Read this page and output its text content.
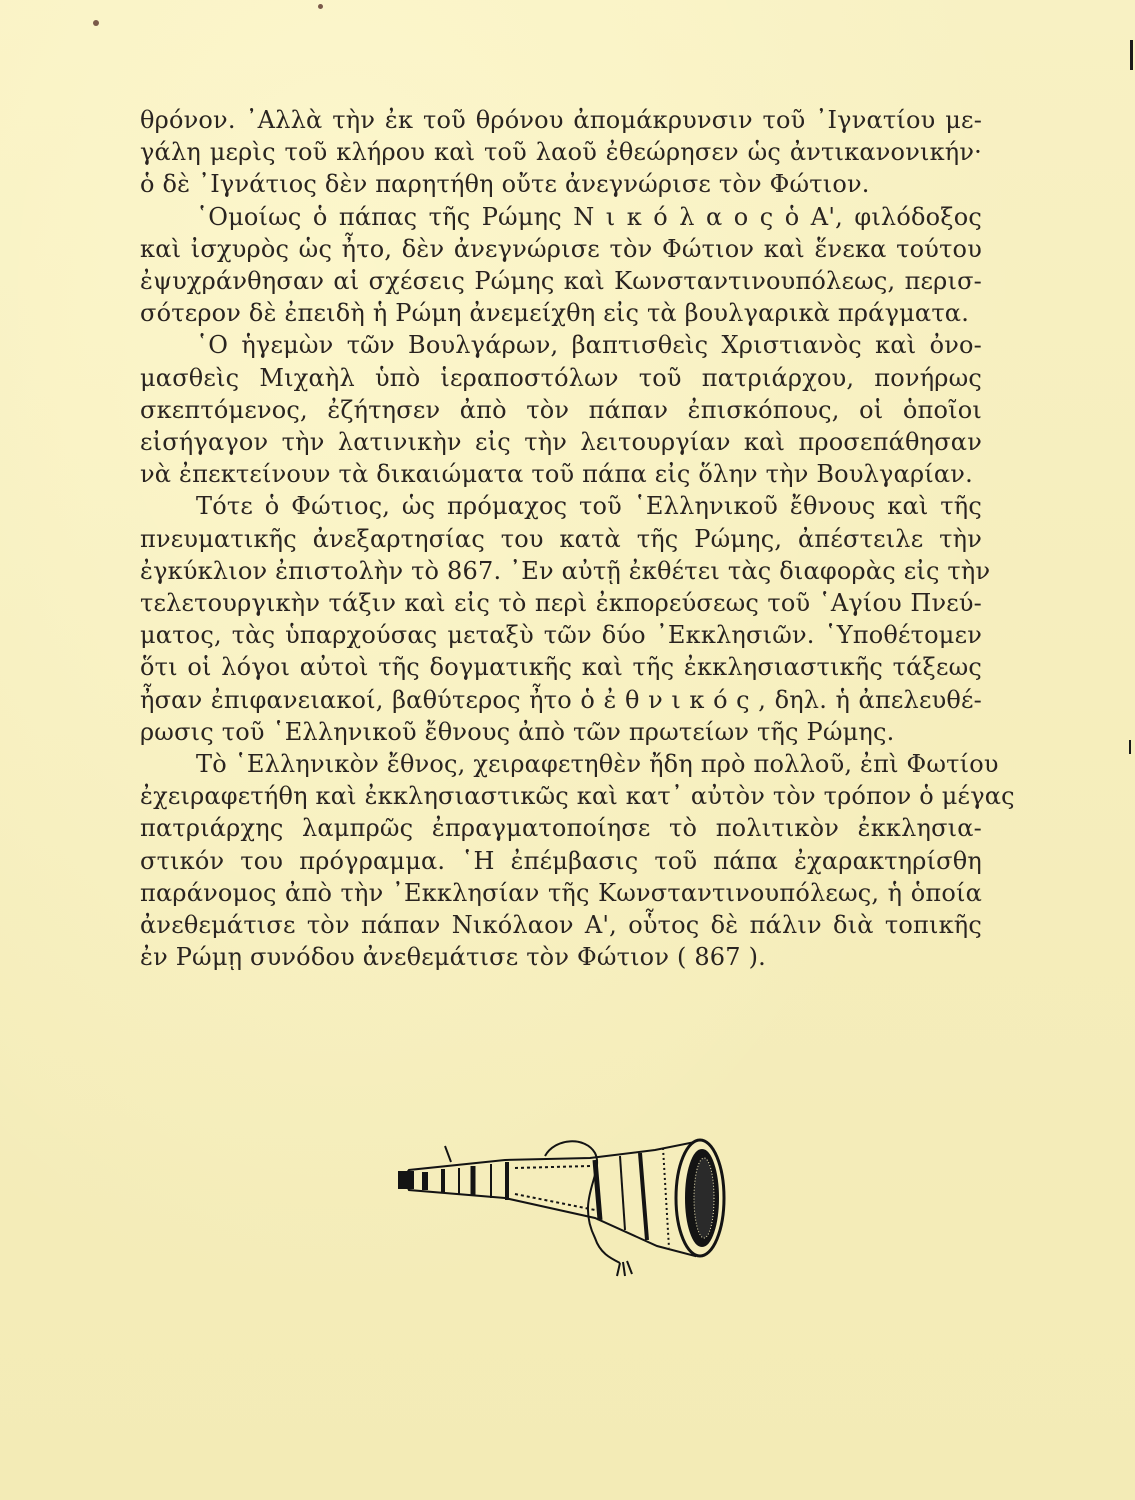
θρόνον. ᾿Αλλὰ τὴν ἐκ τοῦ θρόνου ἀπομάκρυνσιν τοῦ ᾿Ιγνατίου με-
γάλη μερὶς τοῦ κλήρου καὶ τοῦ λαοῦ ἐθεώρησεν ὡς ἀντικανονικήν·
ὁ δὲ ᾿Ιγνάτιος δὲν παρητήθη οὔτε ἀνεγνώρισε τὸν Φώτιον.

῾Ομοίως ὁ πάπας τῆς Ρώμης Ν ι κ ό λ α ο ς ὁ Α', φιλόδοξος
καὶ ἰσχυρὸς ὡς ἦτο, δὲν ἀνεγνώρισε τὸν Φώτιον καὶ ἕνεκα τούτου
ἐψυχράνθησαν αἱ σχέσεις Ρώμης καὶ Κωνσταντινουπόλεως, περισ-
σότερον δὲ ἐπειδὴ ἡ Ρώμη ἀνεμείχθη εἰς τὰ βουλγαρικὰ πράγματα.

῾Ο ἡγεμὼν τῶν Βουλγάρων, βαπτισθεὶς Χριστιανὸς καὶ ὀνο-
μασθεὶς Μιχαὴλ ὑπὸ ἱεραποστόλων τοῦ πατριάρχου, πονήρως
σκεπτόμενος, ἐζήτησεν ἀπὸ τὸν πάπαν ἐπισκόπους, οἱ ὁποῖοι
εἰσήγαγον τὴν λατινικὴν εἰς τὴν λειτουργίαν καὶ προσεπάθησαν
νὰ ἐπεκτείνουν τὰ δικαιώματα τοῦ πάπα εἰς ὅλην τὴν Βουλγαρίαν.

Τότε ὁ Φώτιος, ὡς πρόμαχος τοῦ ῾Ελληνικοῦ ἔθνους καὶ τῆς
πνευματικῆς ἀνεξαρτησίας του κατὰ τῆς Ρώμης, ἀπέστειλε τὴν
ἐγκύκλιον ἐπιστολὴν τὸ 867. ᾿Εν αὐτῇ ἐκθέτει τὰς διαφορὰς εἰς τὴν
τελετουργικὴν τάξιν καὶ εἰς τὸ περὶ ἐκπορεύσεως τοῦ ῾Αγίου Πνεύ-
ματος, τὰς ὑπαρχούσας μεταξὺ τῶν δύο ᾿Εκκλησιῶν. ῾Υποθέτομεν
ὅτι οἱ λόγοι αὐτοὶ τῆς δογματικῆς καὶ τῆς ἐκκλησιαστικῆς τάξεως
ἦσαν ἐπιφανειακοί, βαθύτερος ἦτο ὁ ἐ θ ν ι κ ό ς , δηλ. ἡ ἀπελευθέ-
ρωσις τοῦ ῾Ελληνικοῦ ἔθνους ἀπὸ τῶν πρωτείων τῆς Ρώμης.

Τὸ ῾Ελληνικὸν ἔθνος, χειραφετηθὲν ἤδη πρὸ πολλοῦ, ἐπὶ Φωτίου
ἐχειραφετήθη καὶ ἐκκλησιαστικῶς καὶ κατ᾿ αὐτὸν τὸν τρόπον ὁ μέγας
πατριάρχης λαμπρῶς ἐπραγματοποίησε τὸ πολιτικὸν ἐκκλησια-
στικόν του πρόγραμμα. ῾Η ἐπέμβασις τοῦ πάπα ἐχαρακτηρίσθη
παράνομος ἀπὸ τὴν ᾿Εκκλησίαν τῆς Κωνσταντινουπόλεως, ἡ ὁποία
ἀνεθεμάτισε τὸν πάπαν Νικόλαον Α', οὗτος δὲ πάλιν διὰ τοπικῆς
ἐν Ρώμῃ συνόδου ἀνεθεμάτισε τὸν Φώτιον ( 867 ).
